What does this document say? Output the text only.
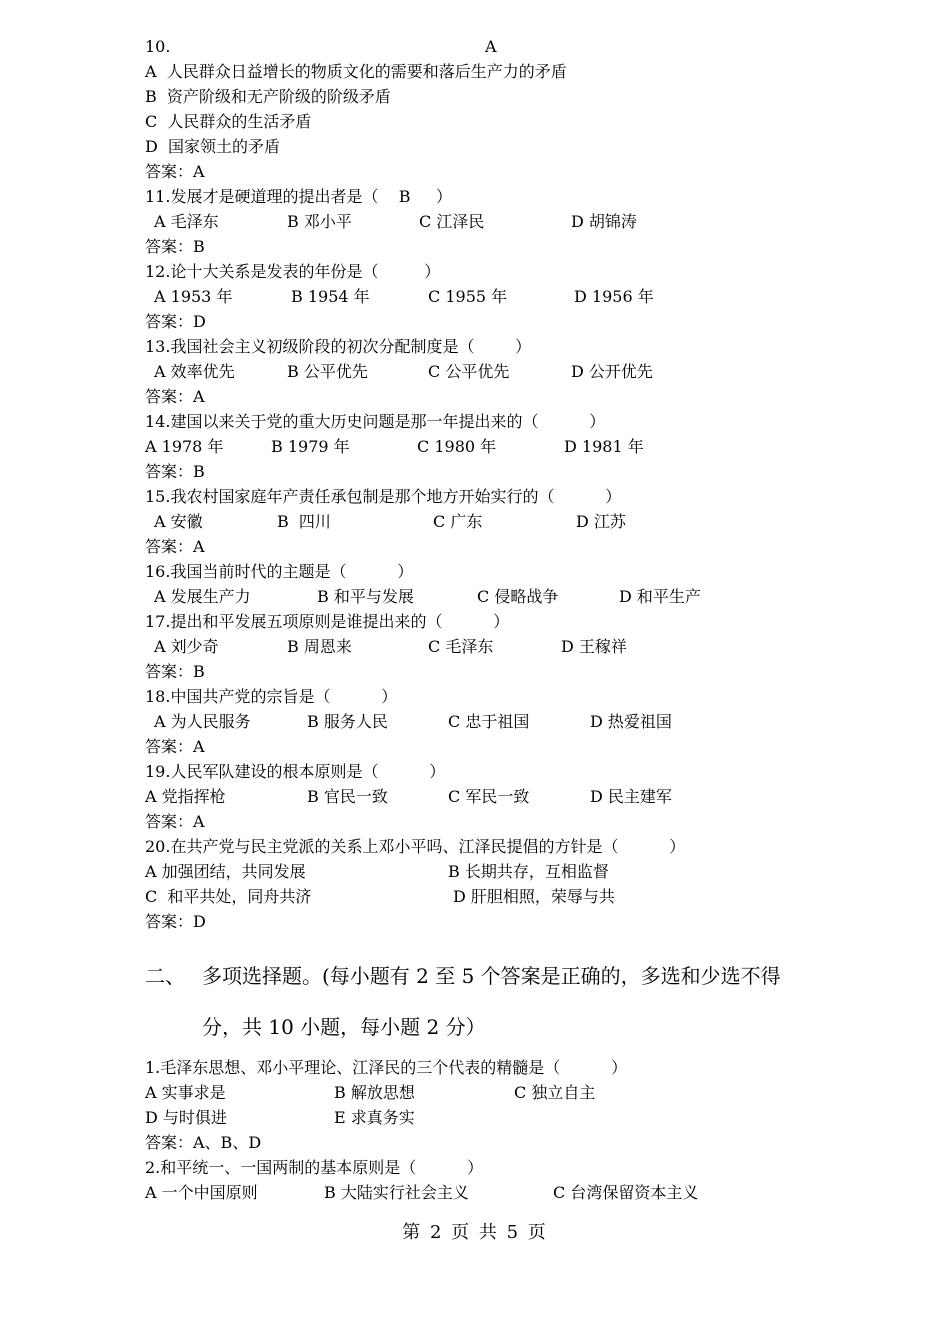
10.

	A

A  人民群众日益增长的物质文化的需要和落后生产力的矛盾
B  资产阶级和无产阶级的阶级矛盾
C  人民群众的生活矛盾
D  国家领土的矛盾
答案：A
11.发展才是硬道理的提出者是（    B     ）

A 毛泽东

	B 邓小平

	C 江泽民

	D 胡锦涛

答案：B
12.论十大关系是发表的年份是（         ）

A 1953 年

	B 1954 年

	C 1955 年

	D 1956 年

答案：D
13.我国社会主义初级阶段的初次分配制度是（        ）

A 效率优先

	B 公平优先

	C 公平优先

	D 公开优先

答案：A
14.建国以来关于党的重大历史问题是那一年提出来的（          ）

A 1978 年

	B 1979 年

	C 1980 年

	D 1981 年

答案：B
15.我农村国家庭年产责任承包制是那个地方开始实行的（          ）

A 安徽

	B  四川

	C 广东

	D 江苏

答案：A
16.我国当前时代的主题是（          ）

A 发展生产力

	B 和平与发展

	C 侵略战争

	D 和平生产

17.提出和平发展五项原则是谁提出来的（          ）

A 刘少奇

	B 周恩来

	C 毛泽东

	D 王稼祥

答案：B
18.中国共产党的宗旨是（          ）

A 为人民服务

	B 服务人民

	C 忠于祖国

	D 热爱祖国

答案：A
19.人民军队建设的根本原则是（          ）

A 党指挥枪

	B 官民一致

	C 军民一致

	D 民主建军

答案：A
20.在共产党与民主党派的关系上邓小平吗、江泽民提倡的方针是（          ）

A 加强团结，共同发展

	B 长期共存，互相监督

C  和平共处，同舟共济

	D 肝胆相照，荣辱与共

答案：D
二、 多项选择题。(每小题有 2 至 5 个答案是正确的，多选和少选不得
分，共 10 小题，每小题 2 分）
1.毛泽东思想、邓小平理论、江泽民的三个代表的精髓是（          ）

A 实事求是

	B 解放思想

	C 独立自主

D 与时俱进

	E 求真务实

答案：A、B、D
2.和平统一、一国两制的基本原则是（          ）

A 一个中国原则

	B 大陆实行社会主义

	C 台湾保留资本主义

第 2 页 共 5 页
